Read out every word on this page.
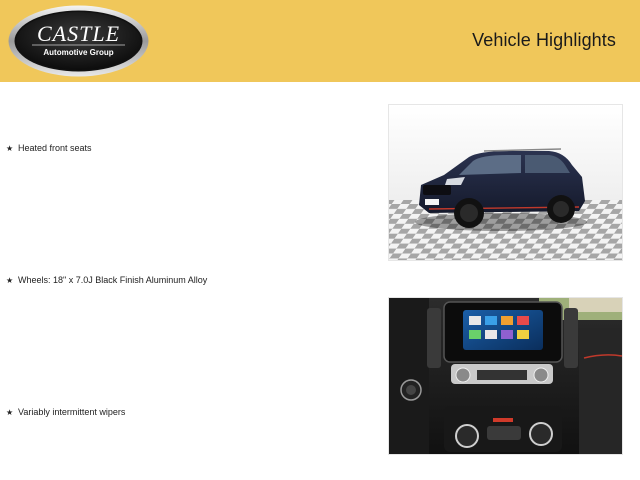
CASTLE
Automotive Group
Vehicle Highlights
★ Heated front seats
★ Wheels: 18" x 7.0J Black Finish Aluminum Alloy
★ Variably intermittent wipers
